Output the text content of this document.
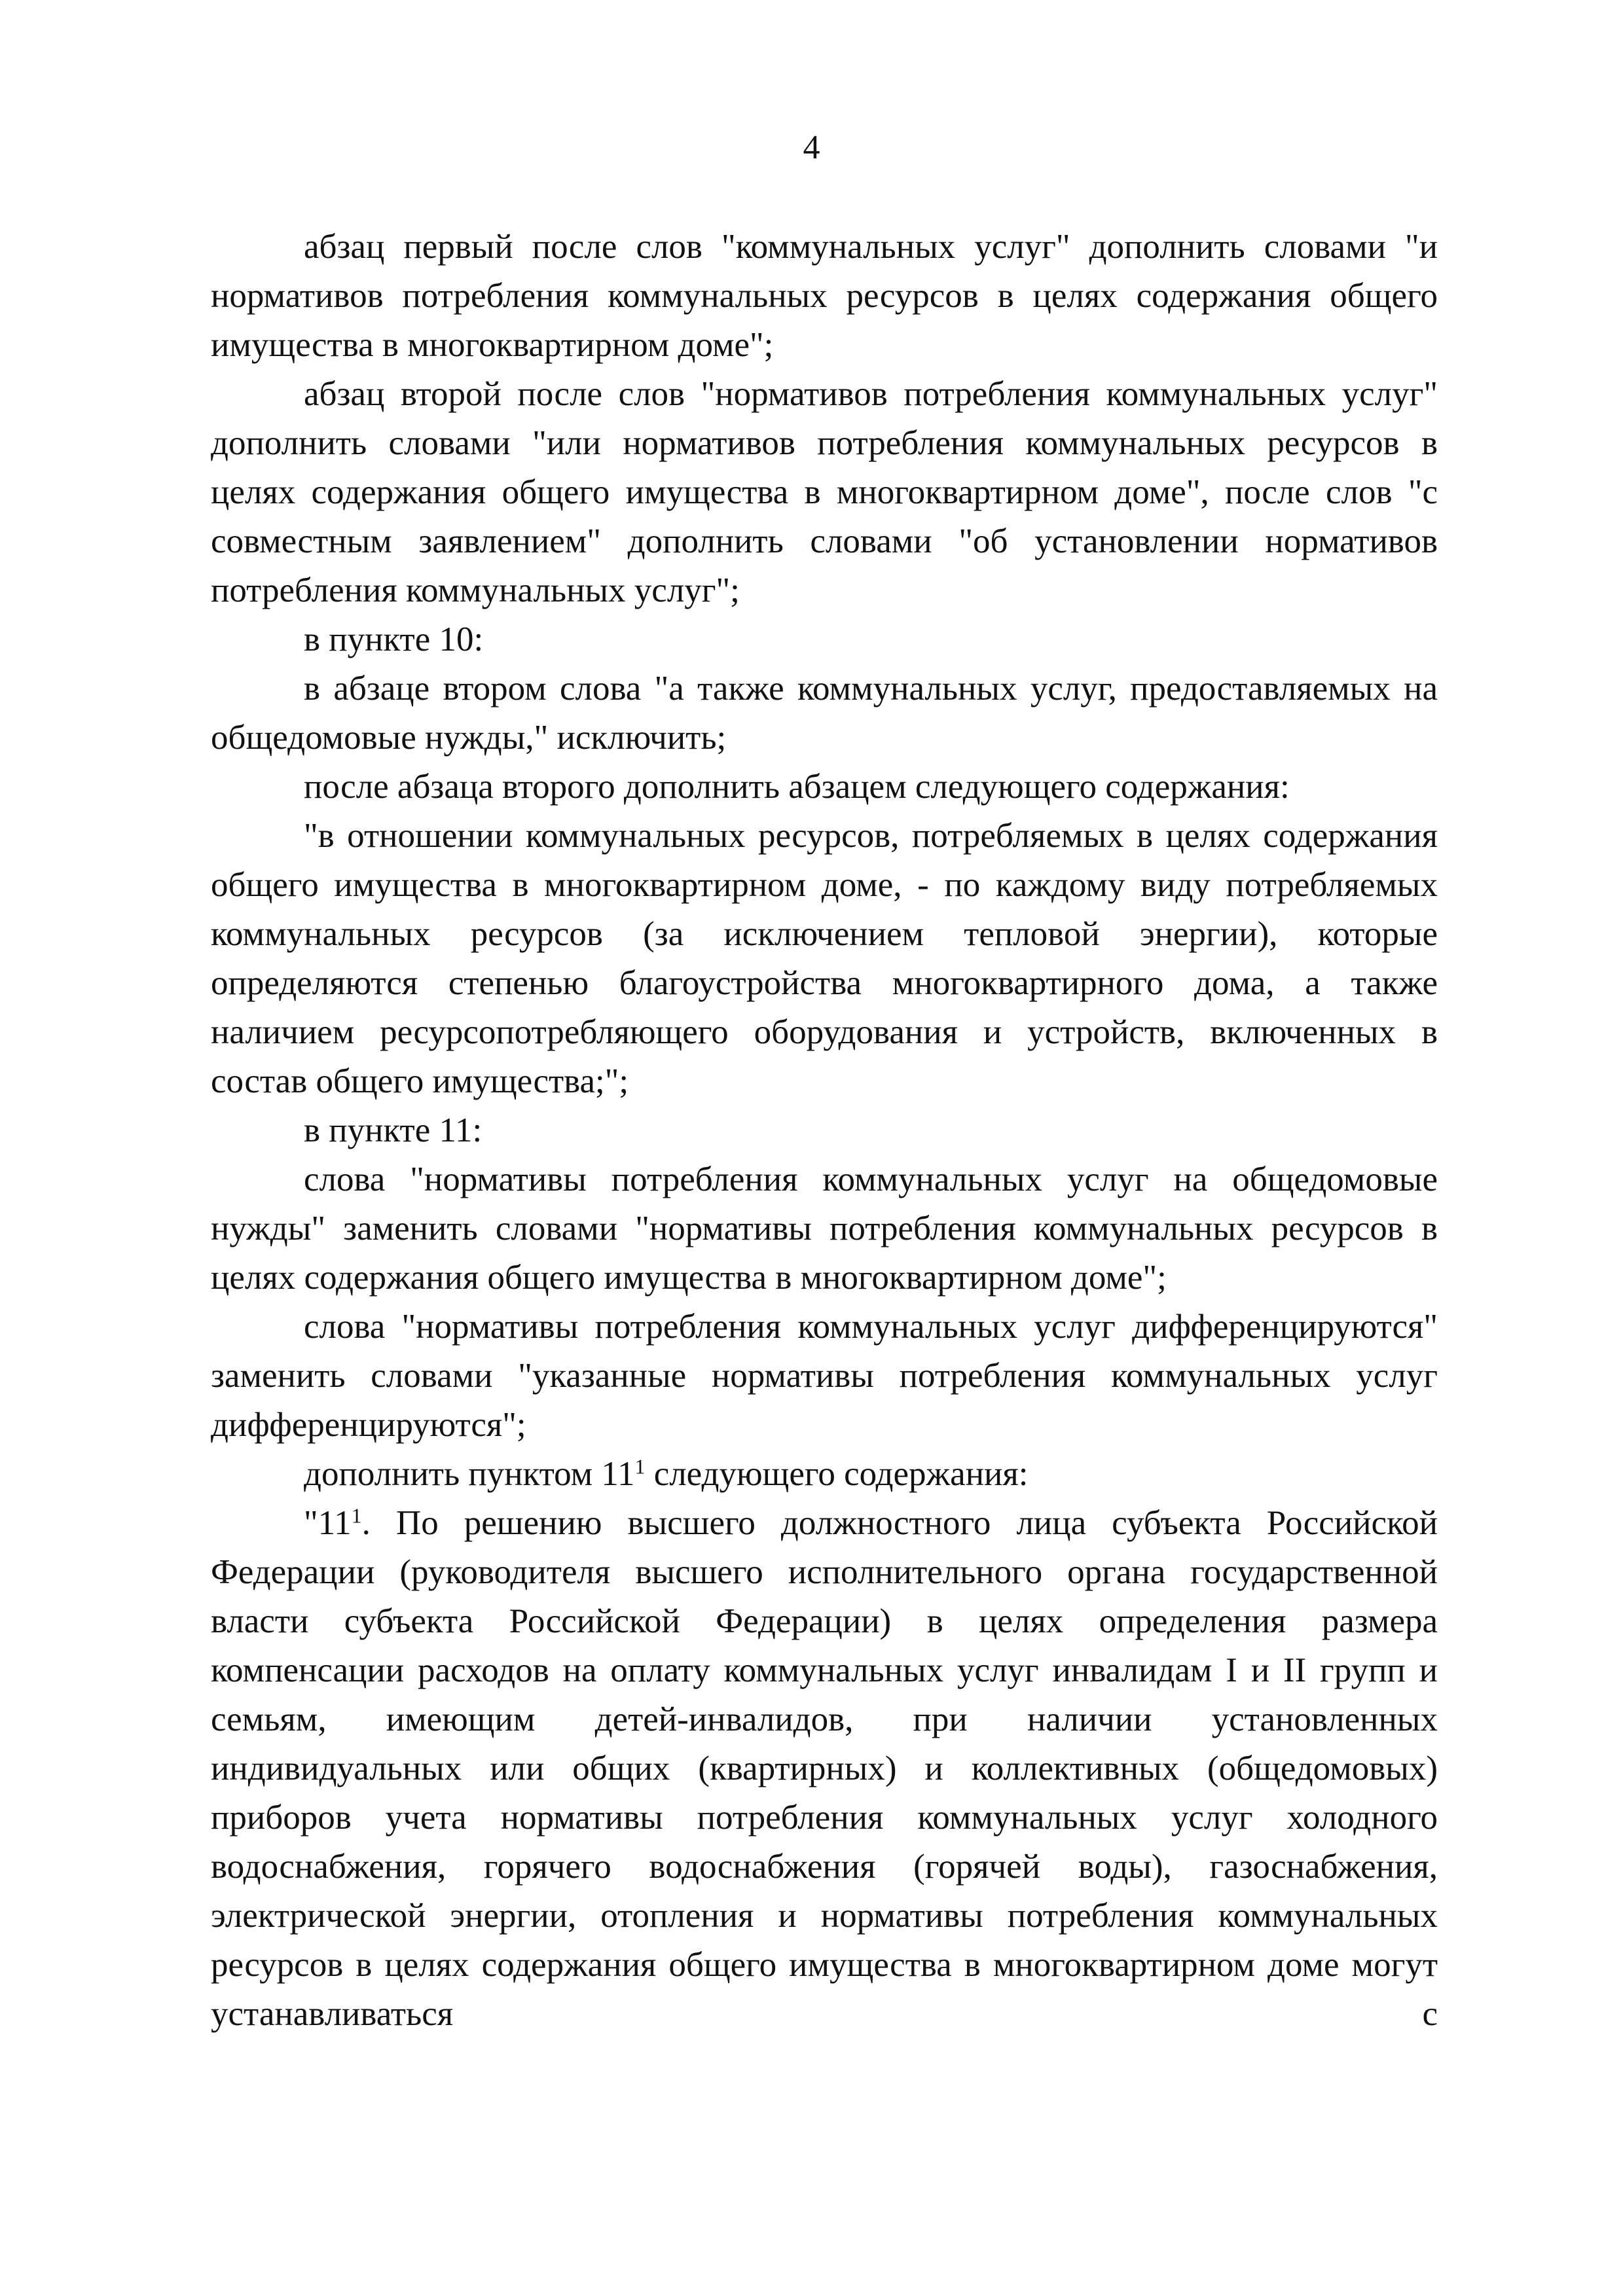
4

абзац первый после слов "коммунальных услуг" дополнить словами "и нормативов потребления коммунальных ресурсов в целях содержания общего имущества в многоквартирном доме";

абзац второй после слов "нормативов потребления коммунальных услуг" дополнить словами "или нормативов потребления коммунальных ресурсов в целях содержания общего имущества в многоквартирном доме", после слов "с совместным заявлением" дополнить словами "об установлении нормативов потребления коммунальных услуг";

в пункте 10:

в абзаце втором слова "а также коммунальных услуг, предоставляемых на общедомовые нужды," исключить;

после абзаца второго дополнить абзацем следующего содержания:

"в отношении коммунальных ресурсов, потребляемых в целях содержания общего имущества в многоквартирном доме, - по каждому виду потребляемых коммунальных ресурсов (за исключением тепловой энергии), которые определяются степенью благоустройства многоквартирного дома, а также наличием ресурсопотребляющего оборудования и устройств, включенных в состав общего имущества;";

в пункте 11:

слова "нормативы потребления коммунальных услуг на общедомовые нужды" заменить словами "нормативы потребления коммунальных ресурсов в целях содержания общего имущества в многоквартирном доме";

слова "нормативы потребления коммунальных услуг дифференцируются" заменить словами "указанные нормативы потребления коммунальных услуг дифференцируются";

дополнить пунктом $11^1$ следующего содержания:

"$11^1$. По решению высшего должностного лица субъекта Российской Федерации (руководителя высшего исполнительного органа государственной власти субъекта Российской Федерации) в целях определения размера компенсации расходов на оплату коммунальных услуг инвалидам I и II групп и семьям, имеющим детей-инвалидов, при наличии установленных индивидуальных или общих (квартирных) и коллективных (общедомовых) приборов учета нормативы потребления коммунальных услуг холодного водоснабжения, горячего водоснабжения (горячей воды), газоснабжения, электрической энергии, отопления и нормативы потребления коммунальных ресурсов в целях содержания общего имущества в многоквартирном доме могут устанавливаться с
